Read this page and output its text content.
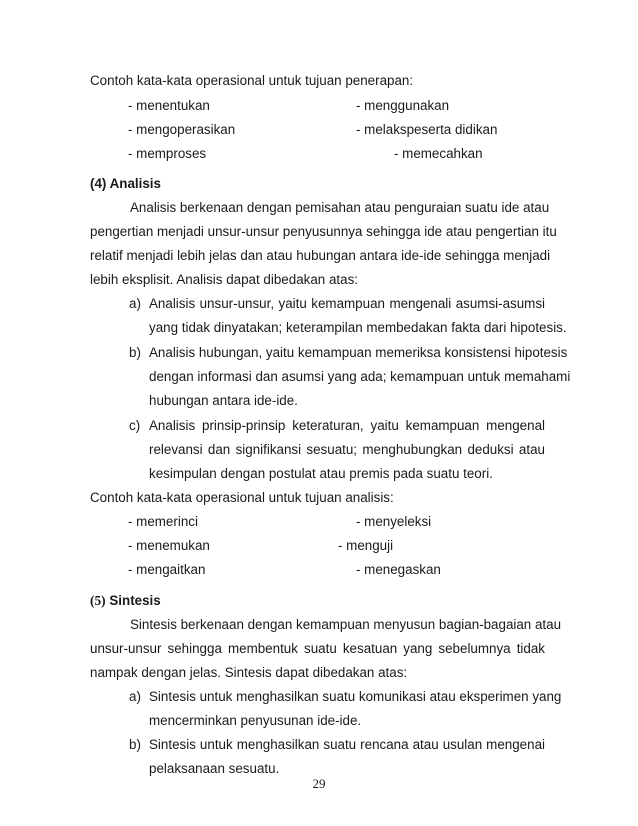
Contoh kata-kata operasional untuk tujuan penerapan:
- menentukan	- menggunakan
- mengoperasikan	- melakspeserta didikan
- memproses	- memecahkan
(4) Analisis
Analisis berkenaan dengan pemisahan atau penguraian suatu ide atau
pengertian menjadi unsur-unsur penyusunnya sehingga ide atau pengertian itu
relatif menjadi lebih jelas dan atau hubungan antara ide-ide sehingga menjadi
lebih eksplisit. Analisis dapat dibedakan atas:
a) Analisis unsur-unsur, yaitu kemampuan mengenali asumsi-asumsi
yang tidak dinyatakan; keterampilan membedakan fakta dari hipotesis.
b) Analisis hubungan, yaitu kemampuan memeriksa konsistensi hipotesis
dengan informasi dan asumsi yang ada; kemampuan untuk memahami
hubungan antara ide-ide.
c) Analisis prinsip-prinsip keteraturan, yaitu kemampuan mengenal
relevansi dan signifikansi sesuatu; menghubungkan deduksi atau
kesimpulan dengan postulat atau premis pada suatu teori.
Contoh kata-kata operasional untuk tujuan analisis:
- memerinci	- menyeleksi
- menemukan	- menguji
- mengaitkan	- menegaskan
(5) Sintesis
Sintesis berkenaan dengan kemampuan menyusun bagian-bagaian atau
unsur-unsur sehingga membentuk suatu kesatuan yang sebelumnya tidak
nampak dengan jelas. Sintesis dapat dibedakan atas:
a) Sintesis untuk menghasilkan suatu komunikasi atau eksperimen yang
mencerminkan penyusunan ide-ide.
b) Sintesis untuk menghasilkan suatu rencana atau usulan mengenai
pelaksanaan sesuatu.
29
